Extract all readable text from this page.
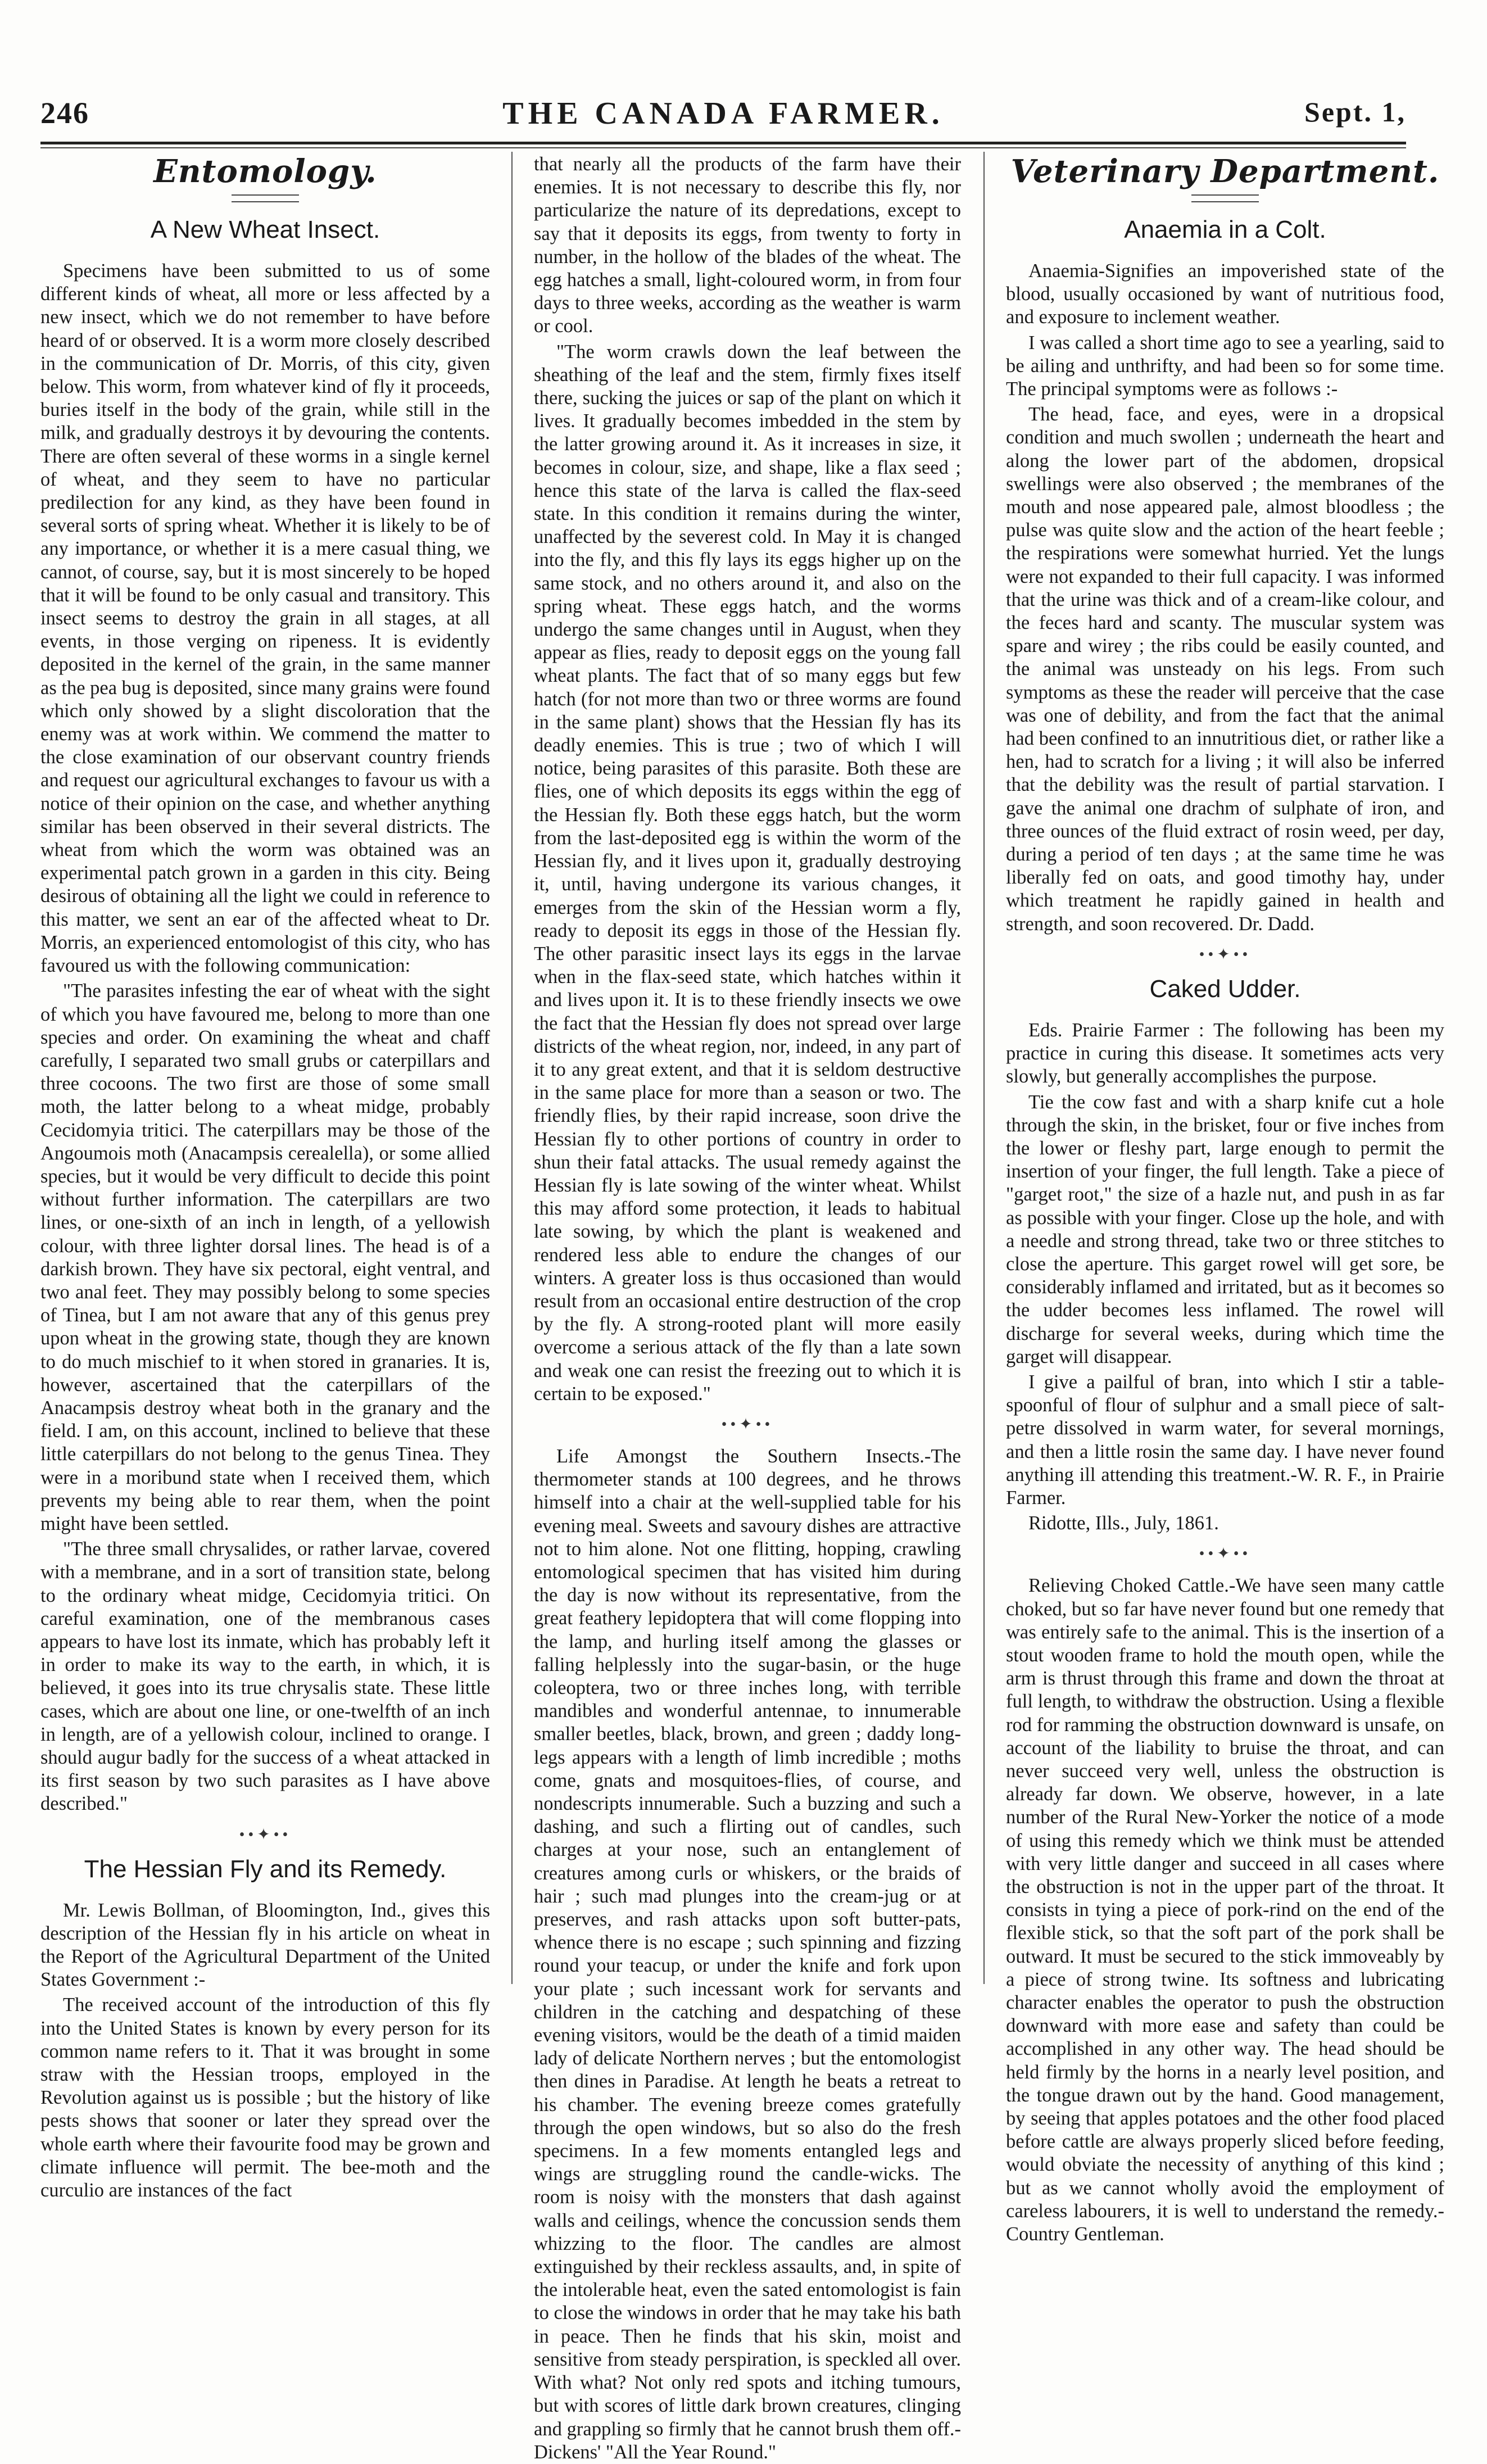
246	THE CANADA FARMER.	Sept. 1,
Entomology.
A New Wheat Insect.

Specimens have been submitted to us of some different kinds of wheat, all more or less affected by a new insect, which we do not remember to have before heard of or observed. It is a worm more closely described in the communication of Dr. Morris, of this city, given below. This worm, from whatever kind of fly it proceeds, buries itself in the body of the grain, while still in the milk, and gradually destroys it by devouring the contents. There are often several of these worms in a single kernel of wheat, and they seem to have no particular predilection for any kind, as they have been found in several sorts of spring wheat. Whether it is likely to be of any importance, or whether it is a mere casual thing, we cannot, of course, say, but it is most sincerely to be hoped that it will be found to be only casual and transitory. This insect seems to destroy the grain in all stages, at all events, in those verging on ripeness. It is evidently deposited in the kernel of the grain, in the same manner as the pea bug is deposited, since many grains were found which only showed by a slight discoloration that the enemy was at work within. We commend the matter to the close examination of our observant country friends and request our agricultural exchanges to favour us with a notice of their opinion on the case, and whether anything similar has been observed in their several districts. The wheat from which the worm was obtained was an experimental patch grown in a garden in this city. Being desirous of obtaining all the light we could in reference to this matter, we sent an ear of the affected wheat to Dr. Morris, an experienced entomologist of this city, who has favoured us with the following communication:

"The parasites infesting the ear of wheat with the sight of which you have favoured me, belong to more than one species and order. On examining the wheat and chaff carefully, I separated two small grubs or caterpillars and three cocoons. The two first are those of some small moth, the latter belong to a wheat midge, probably Cecidomyia tritici. The caterpillars may be those of the Angoumois moth (Anacampsis cerealella), or some allied species, but it would be very difficult to decide this point without further information. The caterpillars are two lines, or one-sixth of an inch in length, of a yellowish colour, with three lighter dorsal lines. The head is of a darkish brown. They have six pectoral, eight ventral, and two anal feet. They may possibly belong to some species of Tinea, but I am not aware that any of this genus prey upon wheat in the growing state, though they are known to do much mischief to it when stored in granaries. It is, however, ascertained that the caterpillars of the Anacampsis destroy wheat both in the granary and the field. I am, on this account, inclined to believe that these little caterpillars do not belong to the genus Tinea. They were in a moribund state when I received them, which prevents my being able to rear them, when the point might have been settled.

"The three small chrysalides, or rather larvae, covered with a membrane, and in a sort of transition state, belong to the ordinary wheat midge, Cecidomyia tritici. On careful examination, one of the membranous cases appears to have lost its inmate, which has probably left it in order to make its way to the earth, in which, it is believed, it goes into its true chrysalis state. These little cases, which are about one line, or one-twelfth of an inch in length, are of a yellowish colour, inclined to orange. I should augur badly for the success of a wheat attacked in its first season by two such parasites as I have above described."

••✦••
The Hessian Fly and its Remedy.

Mr. Lewis Bollman, of Bloomington, Ind., gives this description of the Hessian fly in his article on wheat in the Report of the Agricultural Department of the United States Government :-

The received account of the introduction of this fly into the United States is known by every person for its common name refers to it. That it was brought in some straw with the Hessian troops, employed in the Revolution against us is possible ; but the history of like pests shows that sooner or later they spread over the whole earth where their favourite food may be grown and climate influence will permit. The bee-moth and the curculio are instances of the fact

that nearly all the products of the farm have their enemies. It is not necessary to describe this fly, nor particularize the nature of its depredations, except to say that it deposits its eggs, from twenty to forty in number, in the hollow of the blades of the wheat. The egg hatches a small, light-coloured worm, in from four days to three weeks, according as the weather is warm or cool.

"The worm crawls down the leaf between the sheathing of the leaf and the stem, firmly fixes itself there, sucking the juices or sap of the plant on which it lives. It gradually becomes imbedded in the stem by the latter growing around it. As it increases in size, it becomes in colour, size, and shape, like a flax seed ; hence this state of the larva is called the flax-seed state. In this condition it remains during the winter, unaffected by the severest cold. In May it is changed into the fly, and this fly lays its eggs higher up on the same stock, and no others around it, and also on the spring wheat. These eggs hatch, and the worms undergo the same changes until in August, when they appear as flies, ready to deposit eggs on the young fall wheat plants. The fact that of so many eggs but few hatch (for not more than two or three worms are found in the same plant) shows that the Hessian fly has its deadly enemies. This is true ; two of which I will notice, being parasites of this parasite. Both these are flies, one of which deposits its eggs within the egg of the Hessian fly. Both these eggs hatch, but the worm from the last-deposited egg is within the worm of the Hessian fly, and it lives upon it, gradually destroying it, until, having undergone its various changes, it emerges from the skin of the Hessian worm a fly, ready to deposit its eggs in those of the Hessian fly. The other parasitic insect lays its eggs in the larvae when in the flax-seed state, which hatches within it and lives upon it. It is to these friendly insects we owe the fact that the Hessian fly does not spread over large districts of the wheat region, nor, indeed, in any part of it to any great extent, and that it is seldom destructive in the same place for more than a season or two. The friendly flies, by their rapid increase, soon drive the Hessian fly to other portions of country in order to shun their fatal attacks. The usual remedy against the Hessian fly is late sowing of the winter wheat. Whilst this may afford some protection, it leads to habitual late sowing, by which the plant is weakened and rendered less able to endure the changes of our winters. A greater loss is thus occasioned than would result from an occasional entire destruction of the crop by the fly. A strong-rooted plant will more easily overcome a serious attack of the fly than a late sown and weak one can resist the freezing out to which it is certain to be exposed."

••✦••

Life Amongst the Southern Insects.-The thermometer stands at 100 degrees, and he throws himself into a chair at the well-supplied table for his evening meal. Sweets and savoury dishes are attractive not to him alone. Not one flitting, hopping, crawling entomological specimen that has visited him during the day is now without its representative, from the great feathery lepidoptera that will come flopping into the lamp, and hurling itself among the glasses or falling helplessly into the sugar-basin, or the huge coleoptera, two or three inches long, with terrible mandibles and wonderful antennae, to innumerable smaller beetles, black, brown, and green ; daddy long-legs appears with a length of limb incredible ; moths come, gnats and mosquitoes-flies, of course, and nondescripts innumerable. Such a buzzing and such a dashing, and such a flirting out of candles, such charges at your nose, such an entanglement of creatures among curls or whiskers, or the braids of hair ; such mad plunges into the cream-jug or at preserves, and rash attacks upon soft butter-pats, whence there is no escape ; such spinning and fizzing round your teacup, or under the knife and fork upon your plate ; such incessant work for servants and children in the catching and despatching of these evening visitors, would be the death of a timid maiden lady of delicate Northern nerves ; but the entomologist then dines in Paradise. At length he beats a retreat to his chamber. The evening breeze comes gratefully through the open windows, but so also do the fresh specimens. In a few moments entangled legs and wings are struggling round the candle-wicks. The room is noisy with the monsters that dash against walls and ceilings, whence the concussion sends them whizzing to the floor. The candles are almost extinguished by their reckless assaults, and, in spite of the intolerable heat, even the sated entomologist is fain to close the windows in order that he may take his bath in peace. Then he finds that his skin, moist and sensitive from steady perspiration, is speckled all over. With what? Not only red spots and itching tumours, but with scores of little dark brown creatures, clinging and grappling so firmly that he cannot brush them off.-Dickens' "All the Year Round."

Veterinary Department.
Anaemia in a Colt.

Anaemia-Signifies an impoverished state of the blood, usually occasioned by want of nutritious food, and exposure to inclement weather.

I was called a short time ago to see a yearling, said to be ailing and unthrifty, and had been so for some time. The principal symptoms were as follows :-

The head, face, and eyes, were in a dropsical condition and much swollen ; underneath the heart and along the lower part of the abdomen, dropsical swellings were also observed ; the membranes of the mouth and nose appeared pale, almost bloodless ; the pulse was quite slow and the action of the heart feeble ; the respirations were somewhat hurried. Yet the lungs were not expanded to their full capacity. I was informed that the urine was thick and of a cream-like colour, and the feces hard and scanty. The muscular system was spare and wirey ; the ribs could be easily counted, and the animal was unsteady on his legs. From such symptoms as these the reader will perceive that the case was one of debility, and from the fact that the animal had been confined to an innutritious diet, or rather like a hen, had to scratch for a living ; it will also be inferred that the debility was the result of partial starvation. I gave the animal one drachm of sulphate of iron, and three ounces of the fluid extract of rosin weed, per day, during a period of ten days ; at the same time he was liberally fed on oats, and good timothy hay, under which treatment he rapidly gained in health and strength, and soon recovered. Dr. Dadd.

••✦••
Caked Udder.

Eds. Prairie Farmer : The following has been my practice in curing this disease. It sometimes acts very slowly, but generally accomplishes the purpose.

Tie the cow fast and with a sharp knife cut a hole through the skin, in the brisket, four or five inches from the lower or fleshy part, large enough to permit the insertion of your finger, the full length. Take a piece of "garget root," the size of a hazle nut, and push in as far as possible with your finger. Close up the hole, and with a needle and strong thread, take two or three stitches to close the aperture. This garget rowel will get sore, be considerably inflamed and irritated, but as it becomes so the udder becomes less inflamed. The rowel will discharge for several weeks, during which time the garget will disappear.

I give a pailful of bran, into which I stir a table-spoonful of flour of sulphur and a small piece of salt-petre dissolved in warm water, for several mornings, and then a little rosin the same day. I have never found anything ill attending this treatment.-W. R. F., in Prairie Farmer.

Ridotte, Ills., July, 1861.

••✦••

Relieving Choked Cattle.-We have seen many cattle choked, but so far have never found but one remedy that was entirely safe to the animal. This is the insertion of a stout wooden frame to hold the mouth open, while the arm is thrust through this frame and down the throat at full length, to withdraw the obstruction. Using a flexible rod for ramming the obstruction downward is unsafe, on account of the liability to bruise the throat, and can never succeed very well, unless the obstruction is already far down. We observe, however, in a late number of the Rural New-Yorker the notice of a mode of using this remedy which we think must be attended with very little danger and succeed in all cases where the obstruction is not in the upper part of the throat. It consists in tying a piece of pork-rind on the end of the flexible stick, so that the soft part of the pork shall be outward. It must be secured to the stick immoveably by a piece of strong twine. Its softness and lubricating character enables the operator to push the obstruction downward with more ease and safety than could be accomplished in any other way. The head should be held firmly by the horns in a nearly level position, and the tongue drawn out by the hand. Good management, by seeing that apples potatoes and the other food placed before cattle are always properly sliced before feeding, would obviate the necessity of anything of this kind ; but as we cannot wholly avoid the employment of careless labourers, it is well to understand the remedy.-Country Gentleman.
